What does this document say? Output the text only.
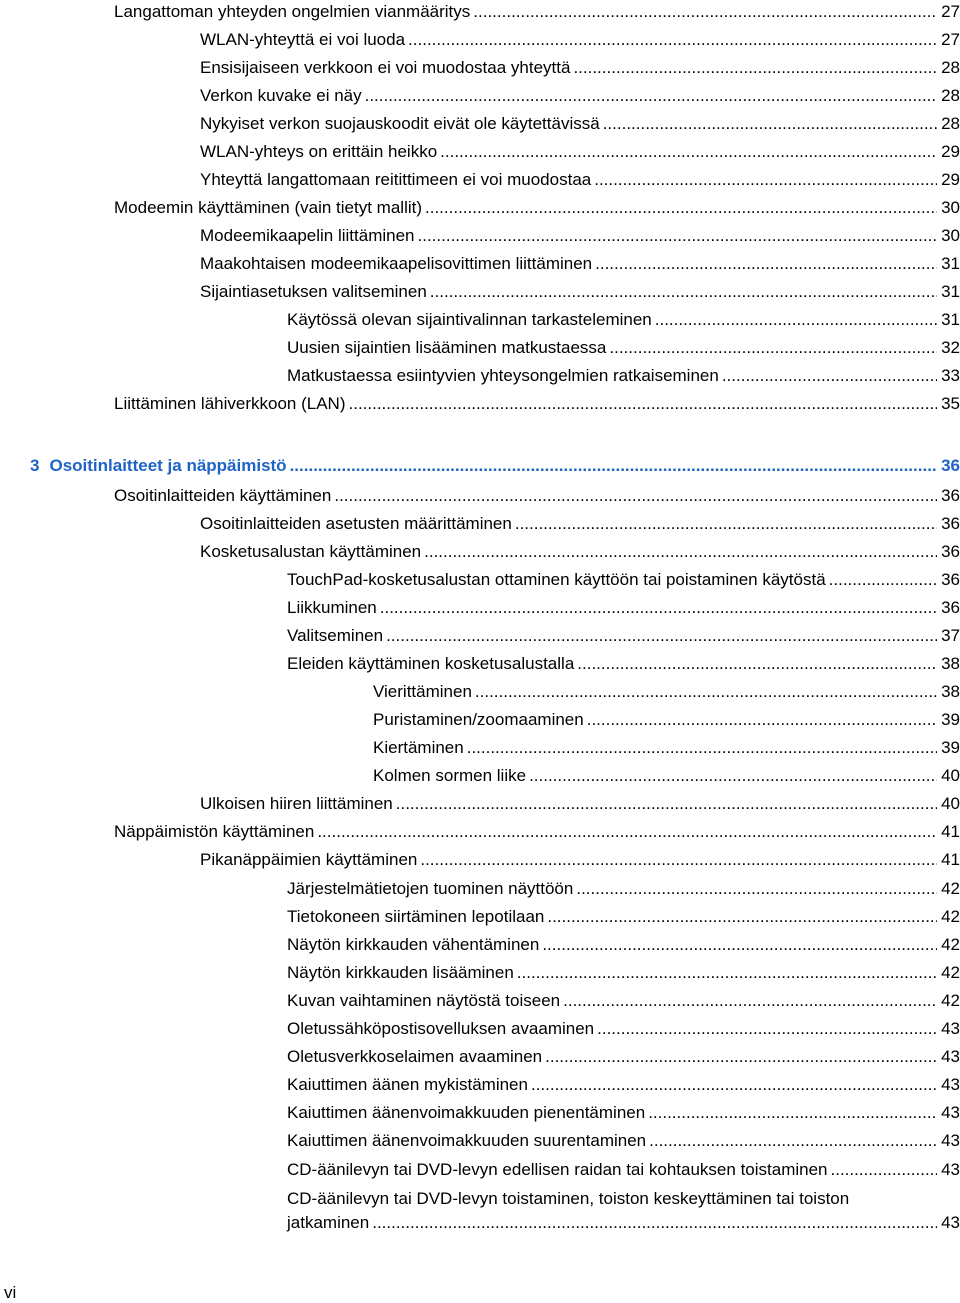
Langattoman yhteyden ongelmien vianmääritys .....	27
WLAN-yhteyttä ei voi luoda .....	27
Ensisijaiseen verkkoon ei voi muodostaa yhteyttä .....	28
Verkon kuvake ei näy .....	28
Nykyiset verkon suojauskoodit eivät ole käytettävissä .....	28
WLAN-yhteys on erittäin heikko .....	29
Yhteyttä langattomaan reitittimeen ei voi muodostaa .....	29
Modeemin käyttäminen (vain tietyt mallit) .....	30
Modeemikaapelin liittäminen .....	30
Maakohtaisen modeemikaapelisovittimen liittäminen .....	31
Sijaintiasetuksen valitseminen .....	31
Käytössä olevan sijaintivalinnan tarkasteleminen .....	31
Uusien sijaintien lisääminen matkustaessa .....	32
Matkustaessa esiintyvien yhteysongelmien ratkaiseminen .....	33
Liittäminen lähiverkkoon (LAN) .....	35
3 Osoitinlaitteet ja näppäimistö .....	36
Osoitinlaitteiden käyttäminen .....	36
Osoitinlaitteiden asetusten määrittäminen .....	36
Kosketusalustan käyttäminen .....	36
TouchPad-kosketusalustan ottaminen käyttöön tai poistaminen käytöstä .....	36
Liikkuminen .....	36
Valitseminen .....	37
Eleiden käyttäminen kosketusalustalla .....	38
Vierittäminen .....	38
Puristaminen/zoomaaminen .....	39
Kiertäminen .....	39
Kolmen sormen liike .....	40
Ulkoisen hiiren liittäminen .....	40
Näppäimistön käyttäminen .....	41
Pikanäppäimien käyttäminen .....	41
Järjestelmätietojen tuominen näyttöön .....	42
Tietokoneen siirtäminen lepotilaan .....	42
Näytön kirkkauden vähentäminen .....	42
Näytön kirkkauden lisääminen .....	42
Kuvan vaihtaminen näytöstä toiseen .....	42
Oletussähköpostisovelluksen avaaminen .....	43
Oletusverkkoselaimen avaaminen .....	43
Kaiuttimen äänen mykistäminen .....	43
Kaiuttimen äänenvoimakkuuden pienentäminen .....	43
Kaiuttimen äänenvoimakkuuden suurentaminen .....	43
CD-äänilevyn tai DVD-levyn edellisen raidan tai kohtauksen toistaminen .....	43
CD-äänilevyn tai DVD-levyn toistaminen, toiston keskeyttäminen tai toiston
jatkaminen .....	43
vi
